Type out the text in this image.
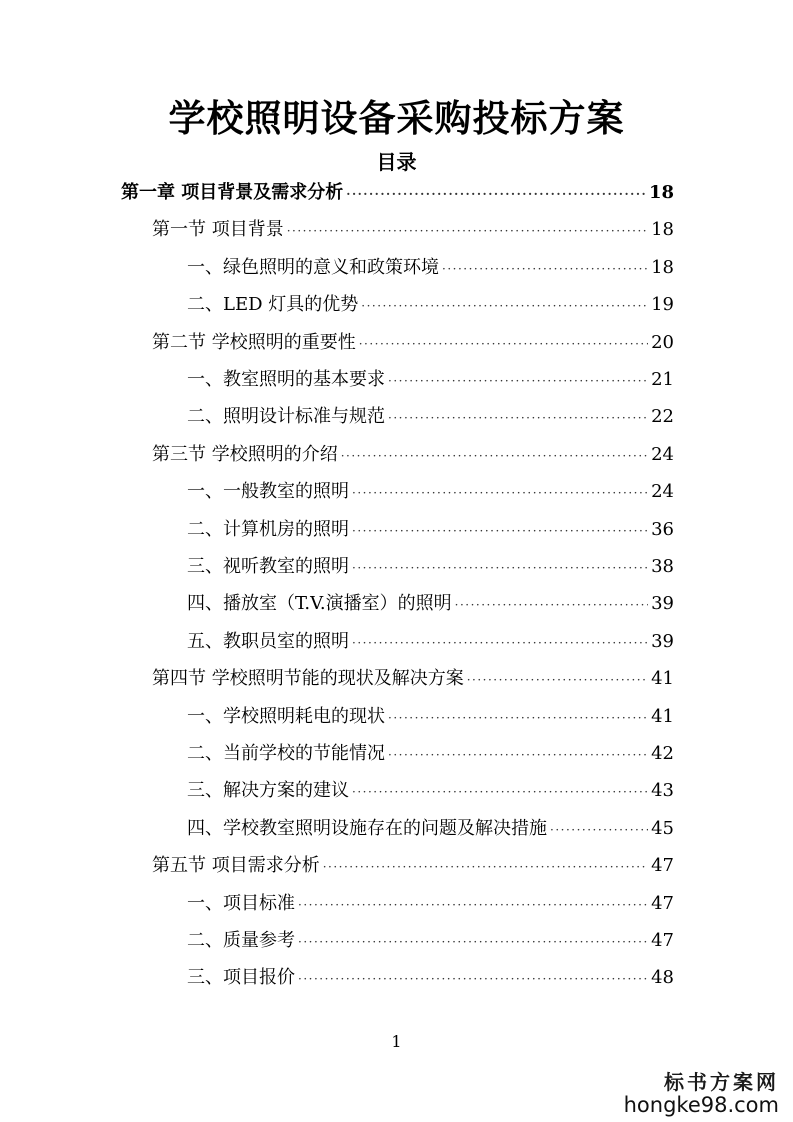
学校照明设备采购投标方案
目录
第一章 项目背景及需求分析 ·····	18
第一节 项目背景 ·····	18
一、绿色照明的意义和政策环境 ·····	18
二、LED 灯具的优势 ·····	19
第二节 学校照明的重要性 ·····	20
一、教室照明的基本要求 ·····	21
二、照明设计标准与规范 ·····	22
第三节 学校照明的介绍 ·····	24
一、一般教室的照明 ·····	24
二、计算机房的照明 ·····	36
三、视听教室的照明 ·····	38
四、播放室（T.V.演播室）的照明 ·····	39
五、教职员室的照明 ·····	39
第四节 学校照明节能的现状及解决方案 ·····	41
一、学校照明耗电的现状 ·····	41
二、当前学校的节能情况 ·····	42
三、解决方案的建议 ·····	43
四、学校教室照明设施存在的问题及解决措施 ·····	45
第五节 项目需求分析 ·····	47
一、项目标准 ·····	47
二、质量参考 ·····	47
三、项目报价 ·····	48
1
标书方案网
hongke98.com
